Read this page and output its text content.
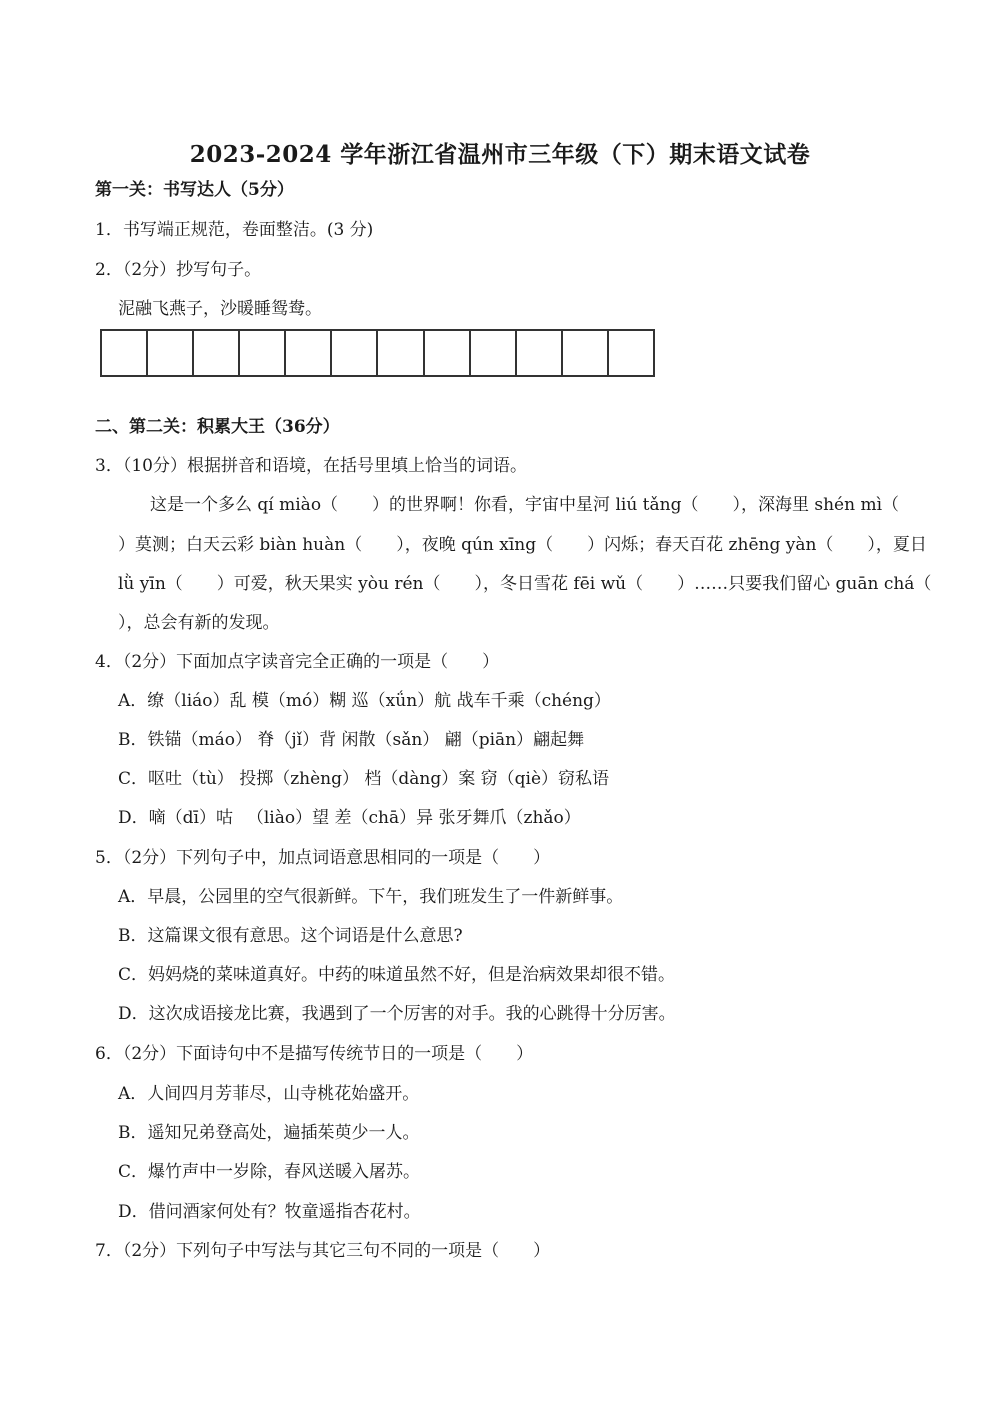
2023-2024 学年浙江省温州市三年级（下）期末语文试卷
第一关：书写达人（5分）
1．书写端正规范，卷面整洁。(3 分)
2．（2分）抄写句子。
泥融飞燕子，沙暖睡鸳鸯。
二、第二关：积累大王（36分）
3．（10分）根据拼音和语境，在括号里填上恰当的词语。
这是一个多么 qí miào（　　）的世界啊！你看，宇宙中星河 liú tǎng（　　），深海里 shén mì（
）莫测；白天云彩 biàn huàn（　　），夜晚 qún xīng（　　）闪烁；春天百花 zhēng yàn（　　），夏日
lǜ yīn（　　）可爱，秋天果实 yòu rén（　　），冬日雪花 fēi wǔ（　　）……只要我们留心 guān chá（
），总会有新的发现。
4．（2分）下面加点字读音完全正确的一项是（　　）
A．缭（liáo）乱 模（mó）糊 巡（xǘn）航 战车千乘（chéng）
B．铁锚（máo） 脊（jǐ）背 闲散（sǎn） 翩（piān）翩起舞
C．呕吐（tù） 投掷（zhèng） 档（dàng）案 窃（qiè）窃私语
D．嘀（dī）咕 　（liào）望 差（chā）异 张牙舞爪（zhǎo）
5．（2分）下列句子中，加点词语意思相同的一项是（　　）
A．早晨，公园里的空气很新鲜。下午，我们班发生了一件新鲜事。
B．这篇课文很有意思。这个词语是什么意思?
C．妈妈烧的菜味道真好。中药的味道虽然不好，但是治病效果却很不错。
D．这次成语接龙比赛，我遇到了一个厉害的对手。我的心跳得十分厉害。
6．（2分）下面诗句中不是描写传统节日的一项是（　　）
A．人间四月芳菲尽，山寺桃花始盛开。
B．遥知兄弟登高处，遍插茱萸少一人。
C．爆竹声中一岁除，春风送暖入屠苏。
D．借问酒家何处有？牧童遥指杏花村。
7．（2分）下列句子中写法与其它三句不同的一项是（　　）
